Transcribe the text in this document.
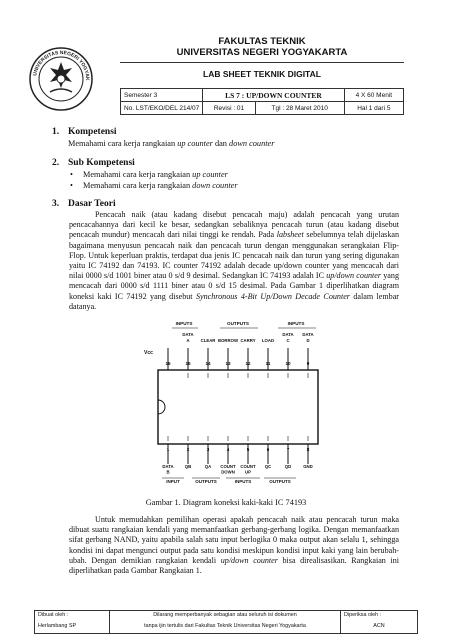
UNIVERSITAS NEGERI YOGYAK
FAKULTAS TEKNIK
UNIVERSITAS NEGERI YOGYAKARTA
LAB SHEET TEKNIK DIGITAL
Semester 3	LS 7 : UP/DOWN COUNTER		4 X 60 Menit
No. LST/EKO/DEL 214/07	Revisi : 01	Tgl : 28 Maret 2010	Hal 1 dari 5
1. Kompetensi
Memahami cara kerja rangkaian up counter dan down counter
2. Sub Kompetensi
• Memahami cara kerja rangkaian up counter
• Memahami cara kerja rangkaian down counter
3. Dasar Teori
Pencacah naik (atau kadang disebut pencacah maju) adalah pencacah yang urutan pencacahannya dari kecil ke besar, sedangkan sebaliknya pencacah turun (atau kadang disebut pencacah mundur) mencacah dari nilai tinggi ke rendah. Pada labsheet sebelumnya telah dijelaskan bagaimana menyusun pencacah naik dan pencacah turun dengan menggunakan serangkaian Flip-Flop. Untuk keperluan praktis, terdapat dua jenis IC pencacah naik dan turun yang sering digunakan yaitu IC 74192 dan 74193. IC counter 74192 adalah decade up/down counter yang mencacah dari nilai 0000 s/d 1001 biner atau 0 s/d 9 desimal. Sedangkan IC 74193 adalah IC up/down counter yang mencacah dari 0000 s/d 1111 biner atau 0 s/d 15 desimal. Pada Gambar 1 diperlihatkan diagram koneksi kaki IC 74192 yang disebut Synchronous 4-Bit Up/Down Decade Counter dalam lembar datanya.
INPUTS	OUTPUTS	INPUTS
16	15
DATA
A
14
CLEAR
13
BORROW
12
CARRY
11
LOAD
10
DATA
C
9
DATA
D
Vcc
1
DATA
B
2
QB
3
QA
4
COUNT
DOWN
5
COUNT
UP
6
QC
7
QD
8
GND
INPUT	OUTPUTS	INPUTS	OUTPUTS
Gambar 1. Diagram koneksi kaki-kaki IC 74193
Untuk memudahkan pemilihan operasi apakah pencacah naik atau pencacah turun maka dibuat suatu rangkaian kendali yang memanfaatkan gerbang-gerbang logika. Dengan memanfaatkan sifat gerbang NAND, yaitu apabila salah satu input berlogika 0 maka output akan selalu 1, sehingga kondisi ini dapat mengunci output pada satu kondisi meskipun kondisi input kaki yang lain berubah-ubah. Dengan demikian rangkaian kendali up/down counter bisa direalisasikan. Rangkaian ini diperlihatkan pada Gambar Rangkaian 1.
Dibuat oleh :
Herlambang SP

Dilarang memperbanyak sebagian atau seluruh isi dokumen
tanpa ijin tertulis dari Fakultas Teknik Universitas Negeri Yogyakarta

Diperiksa oleh :
ACN
